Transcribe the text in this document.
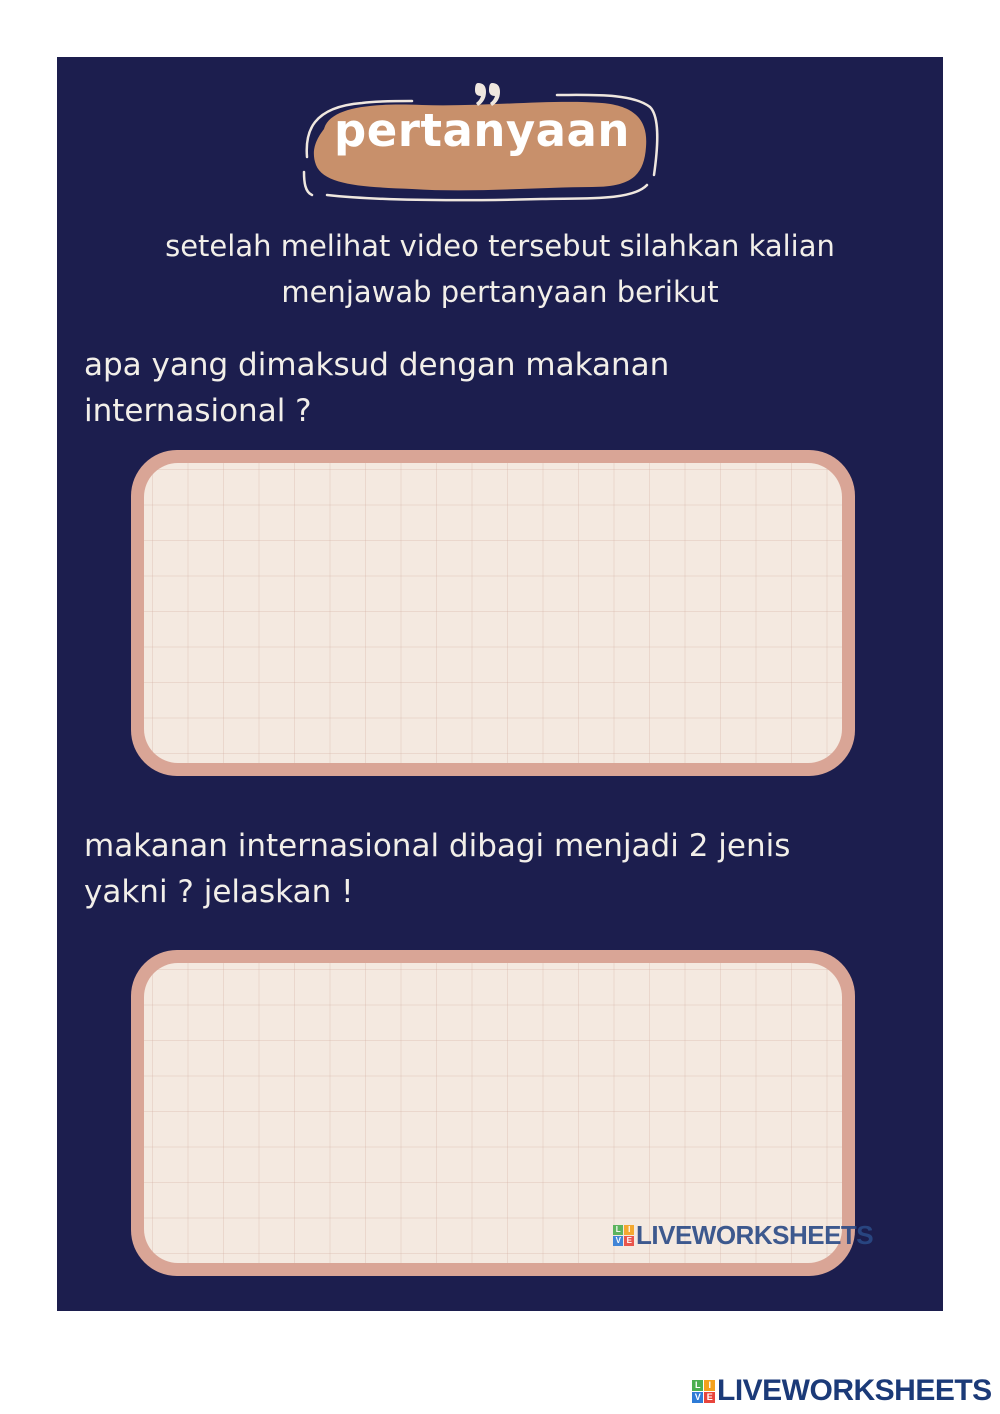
pertanyaan
setelah melihat video tersebut silahkan kalian
menjawab pertanyaan berikut
apa yang dimaksud dengan makanan
internasional ?
makanan internasional dibagi menjadi 2 jenis
yakni ? jelaskan !
L I
V E LIVEWORKSHEETS
L I
V E LIVEWORKSHEETS
